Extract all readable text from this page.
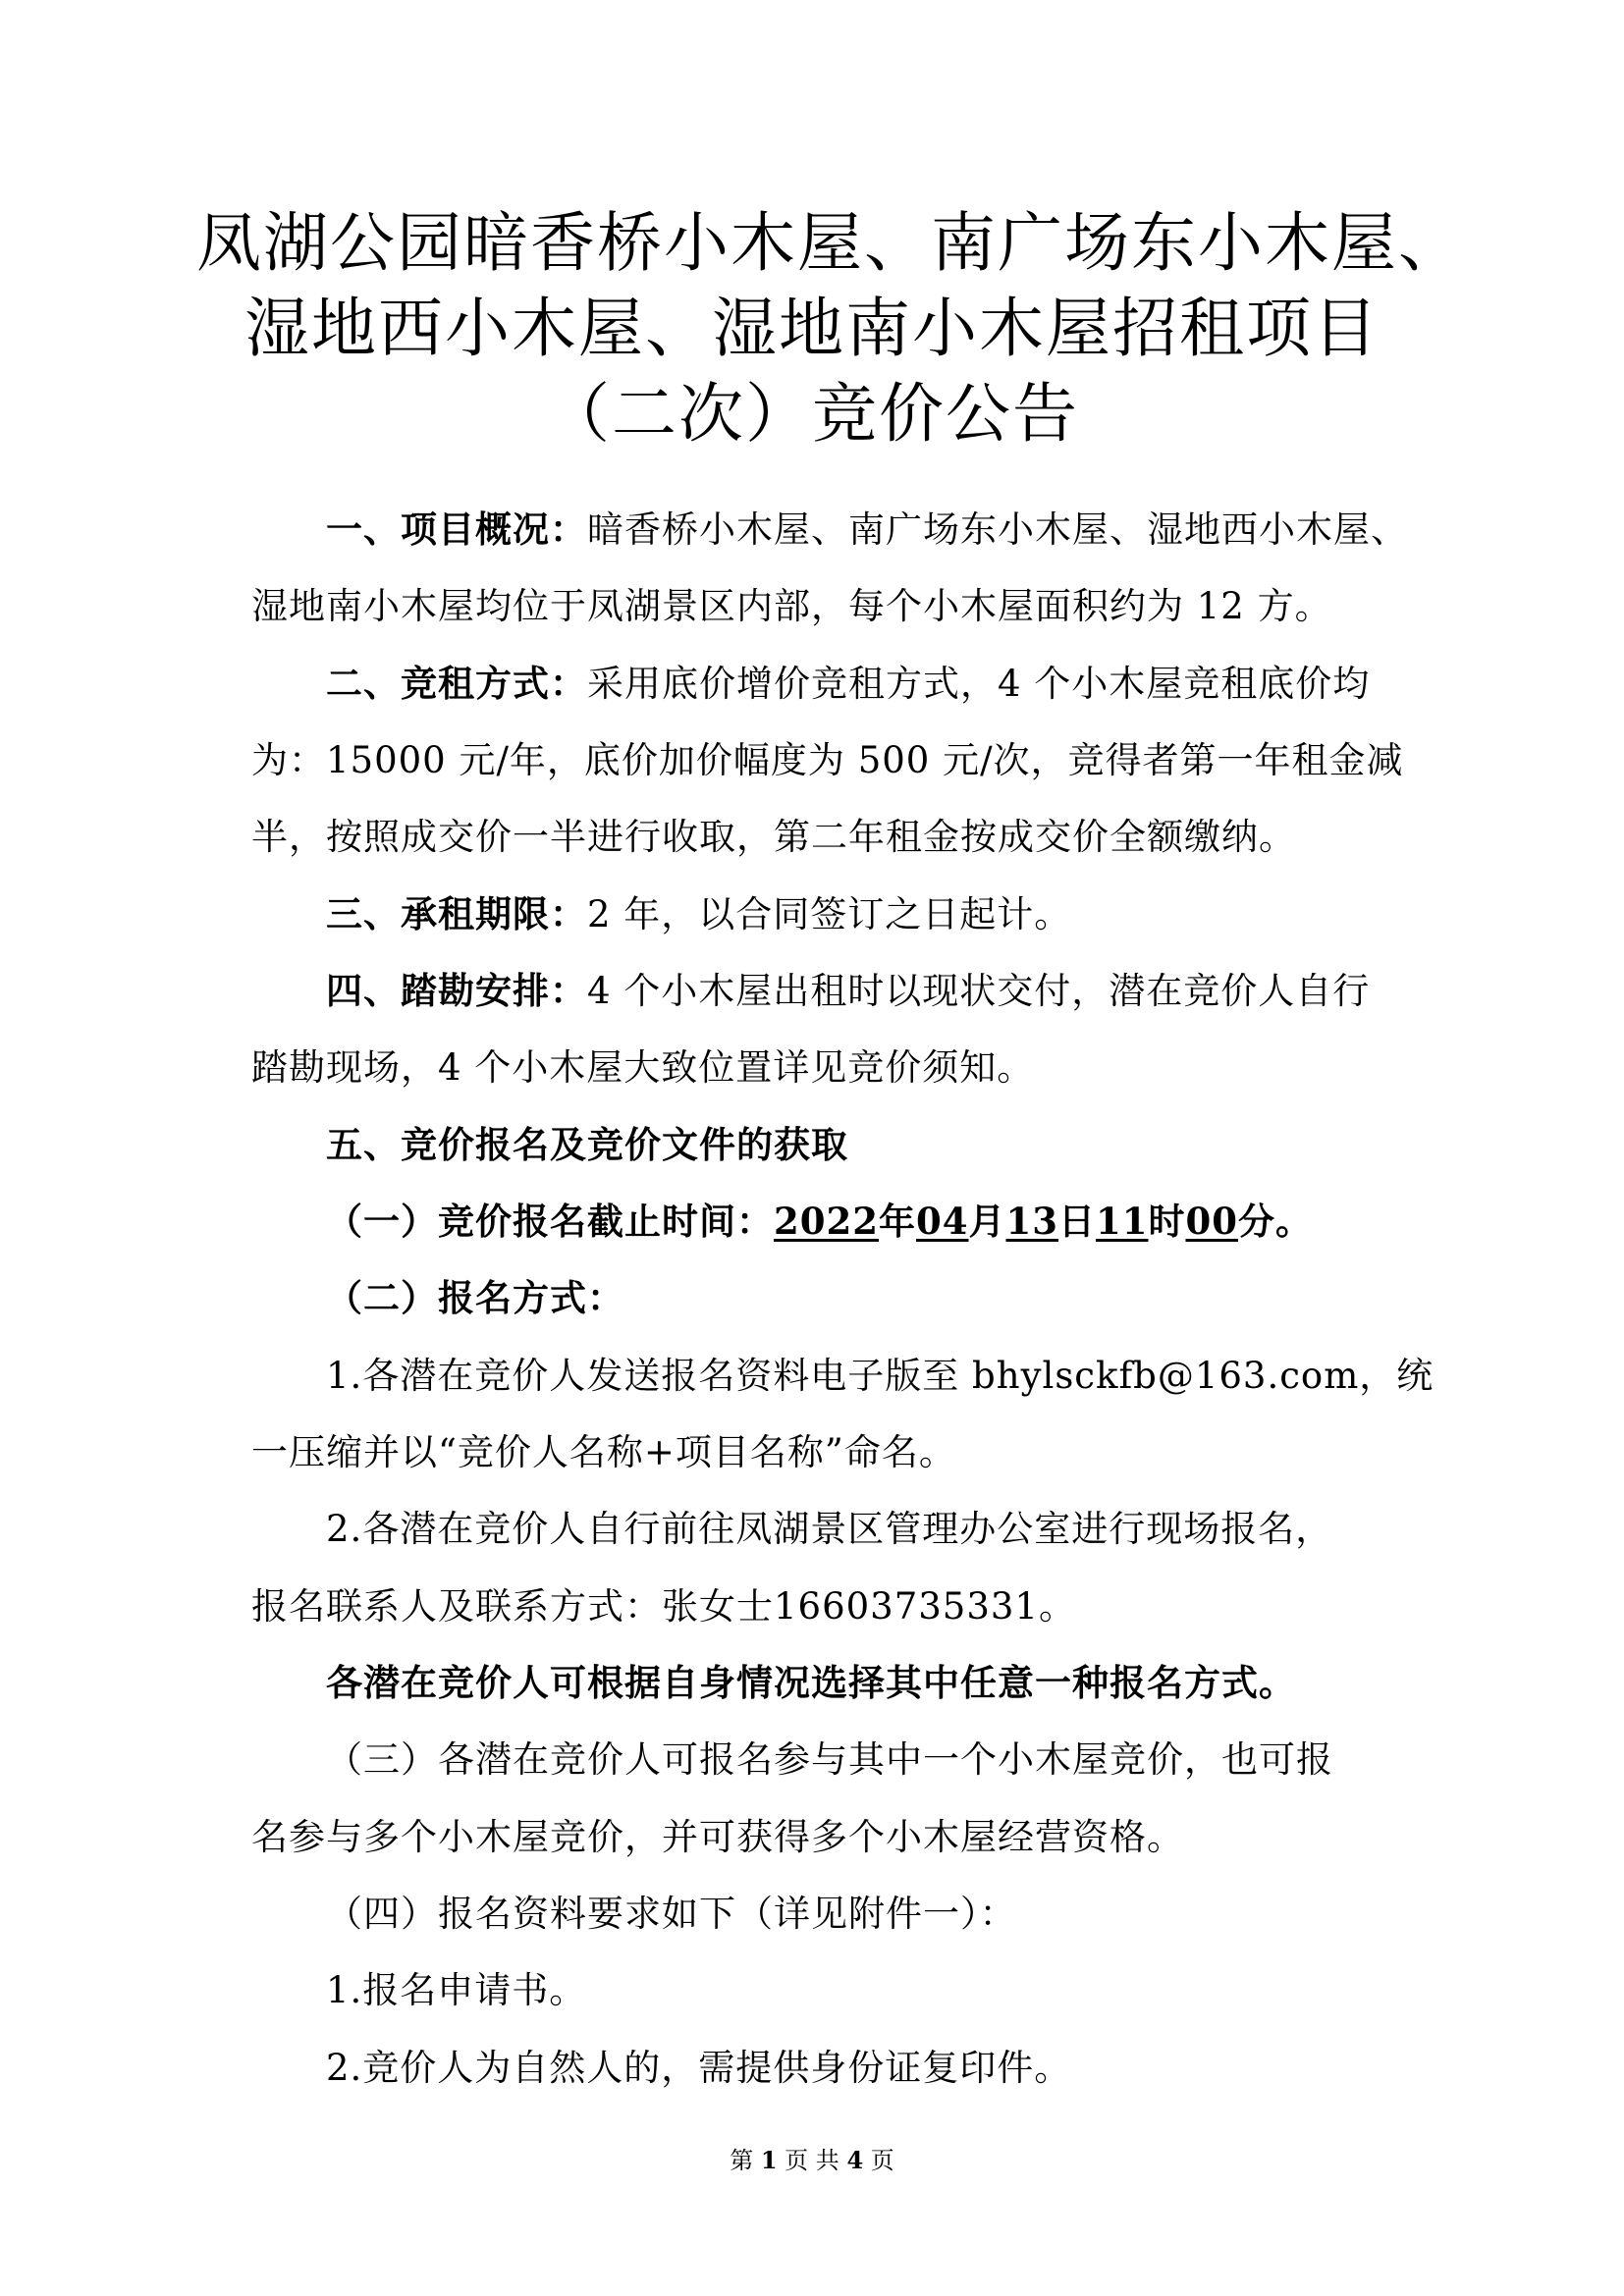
凤湖公园暗香桥小木屋、南广场东小木屋、
湿地西小木屋、湿地南小木屋招租项目
（二次）竞价公告
一、项目概况：暗香桥小木屋、南广场东小木屋、湿地西小木屋、
湿地南小木屋均位于凤湖景区内部，每个小木屋面积约为 12 方。
二、竞租方式：采用底价增价竞租方式，4 个小木屋竞租底价均
为：15000 元/年，底价加价幅度为 500 元/次，竞得者第一年租金减
半，按照成交价一半进行收取，第二年租金按成交价全额缴纳。
三、承租期限：2 年，以合同签订之日起计。
四、踏勘安排：4 个小木屋出租时以现状交付，潜在竞价人自行
踏勘现场，4 个小木屋大致位置详见竞价须知。
五、竞价报名及竞价文件的获取
（一）竞价报名截止时间：2022年04月13日11时00分。
（二）报名方式：
1.各潜在竞价人发送报名资料电子版至 bhylsckfb@163.com，统
一压缩并以“竞价人名称+项目名称”命名。
2.各潜在竞价人自行前往凤湖景区管理办公室进行现场报名，
报名联系人及联系方式：张女士16603735331。
各潜在竞价人可根据自身情况选择其中任意一种报名方式。
（三）各潜在竞价人可报名参与其中一个小木屋竞价，也可报
名参与多个小木屋竞价，并可获得多个小木屋经营资格。
（四）报名资料要求如下（详见附件一）：
1.报名申请书。
2.竞价人为自然人的，需提供身份证复印件。
第 1 页 共 4 页
